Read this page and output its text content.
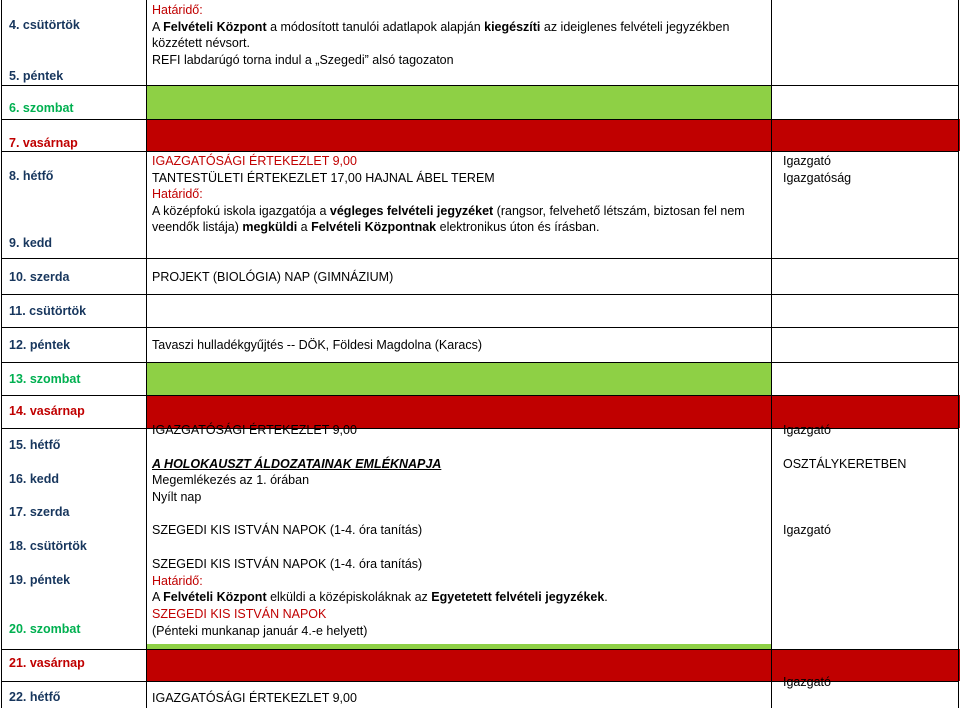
4. csütörtök
5. péntek
6. szombat
7. vasárnap
8. hétfő
9. kedd
10. szerda
11. csütörtök
12. péntek
13. szombat
14. vasárnap
15. hétfő
16. kedd
17. szerda
18. csütörtök
19. péntek
20. szombat
21. vasárnap
22. hétfő
Határidő:
A Felvételi Központ a módosított tanulói adatlapok alapján kiegészíti az ideiglenes felvételi jegyzékben
közzétett névsort.
REFI labdarúgó torna indul a „Szegedi” alsó tagozaton
IGAZGATÓSÁGI ÉRTEKEZLET 9,00
TANTESTÜLETI ÉRTEKEZLET 17,00 HAJNAL ÁBEL TEREM
Határidő:
A középfokú iskola igazgatója a végleges felvételi jegyzéket (rangsor, felvehető létszám, biztosan fel nem
veendők listája) megküldi a Felvételi Központnak elektronikus úton és írásban.
Igazgató
Igazgatóság
PROJEKT (BIOLÓGIA) NAP (GIMNÁZIUM)
Tavaszi hulladékgyűjtés -- DÖK, Földesi Magdolna (Karacs)
IGAZGATÓSÁGI ÉRTEKEZLET 9,00
A HOLOKAUSZT ÁLDOZATAINAK EMLÉKNAPJA
Megemlékezés az 1. órában
Nyílt nap
SZEGEDI KIS ISTVÁN NAPOK (1-4. óra tanítás)
SZEGEDI KIS ISTVÁN NAPOK (1-4. óra tanítás)
Határidő:
A Felvételi Központ elküldi a középiskoláknak az Egyetetett felvételi jegyzékek.
SZEGEDI KIS ISTVÁN NAPOK
(Pénteki munkanap január 4.-e helyett)
Igazgató
OSZTÁLYKERETBEN
Igazgató
IGAZGATÓSÁGI ÉRTEKEZLET 9,00
Igazgató
